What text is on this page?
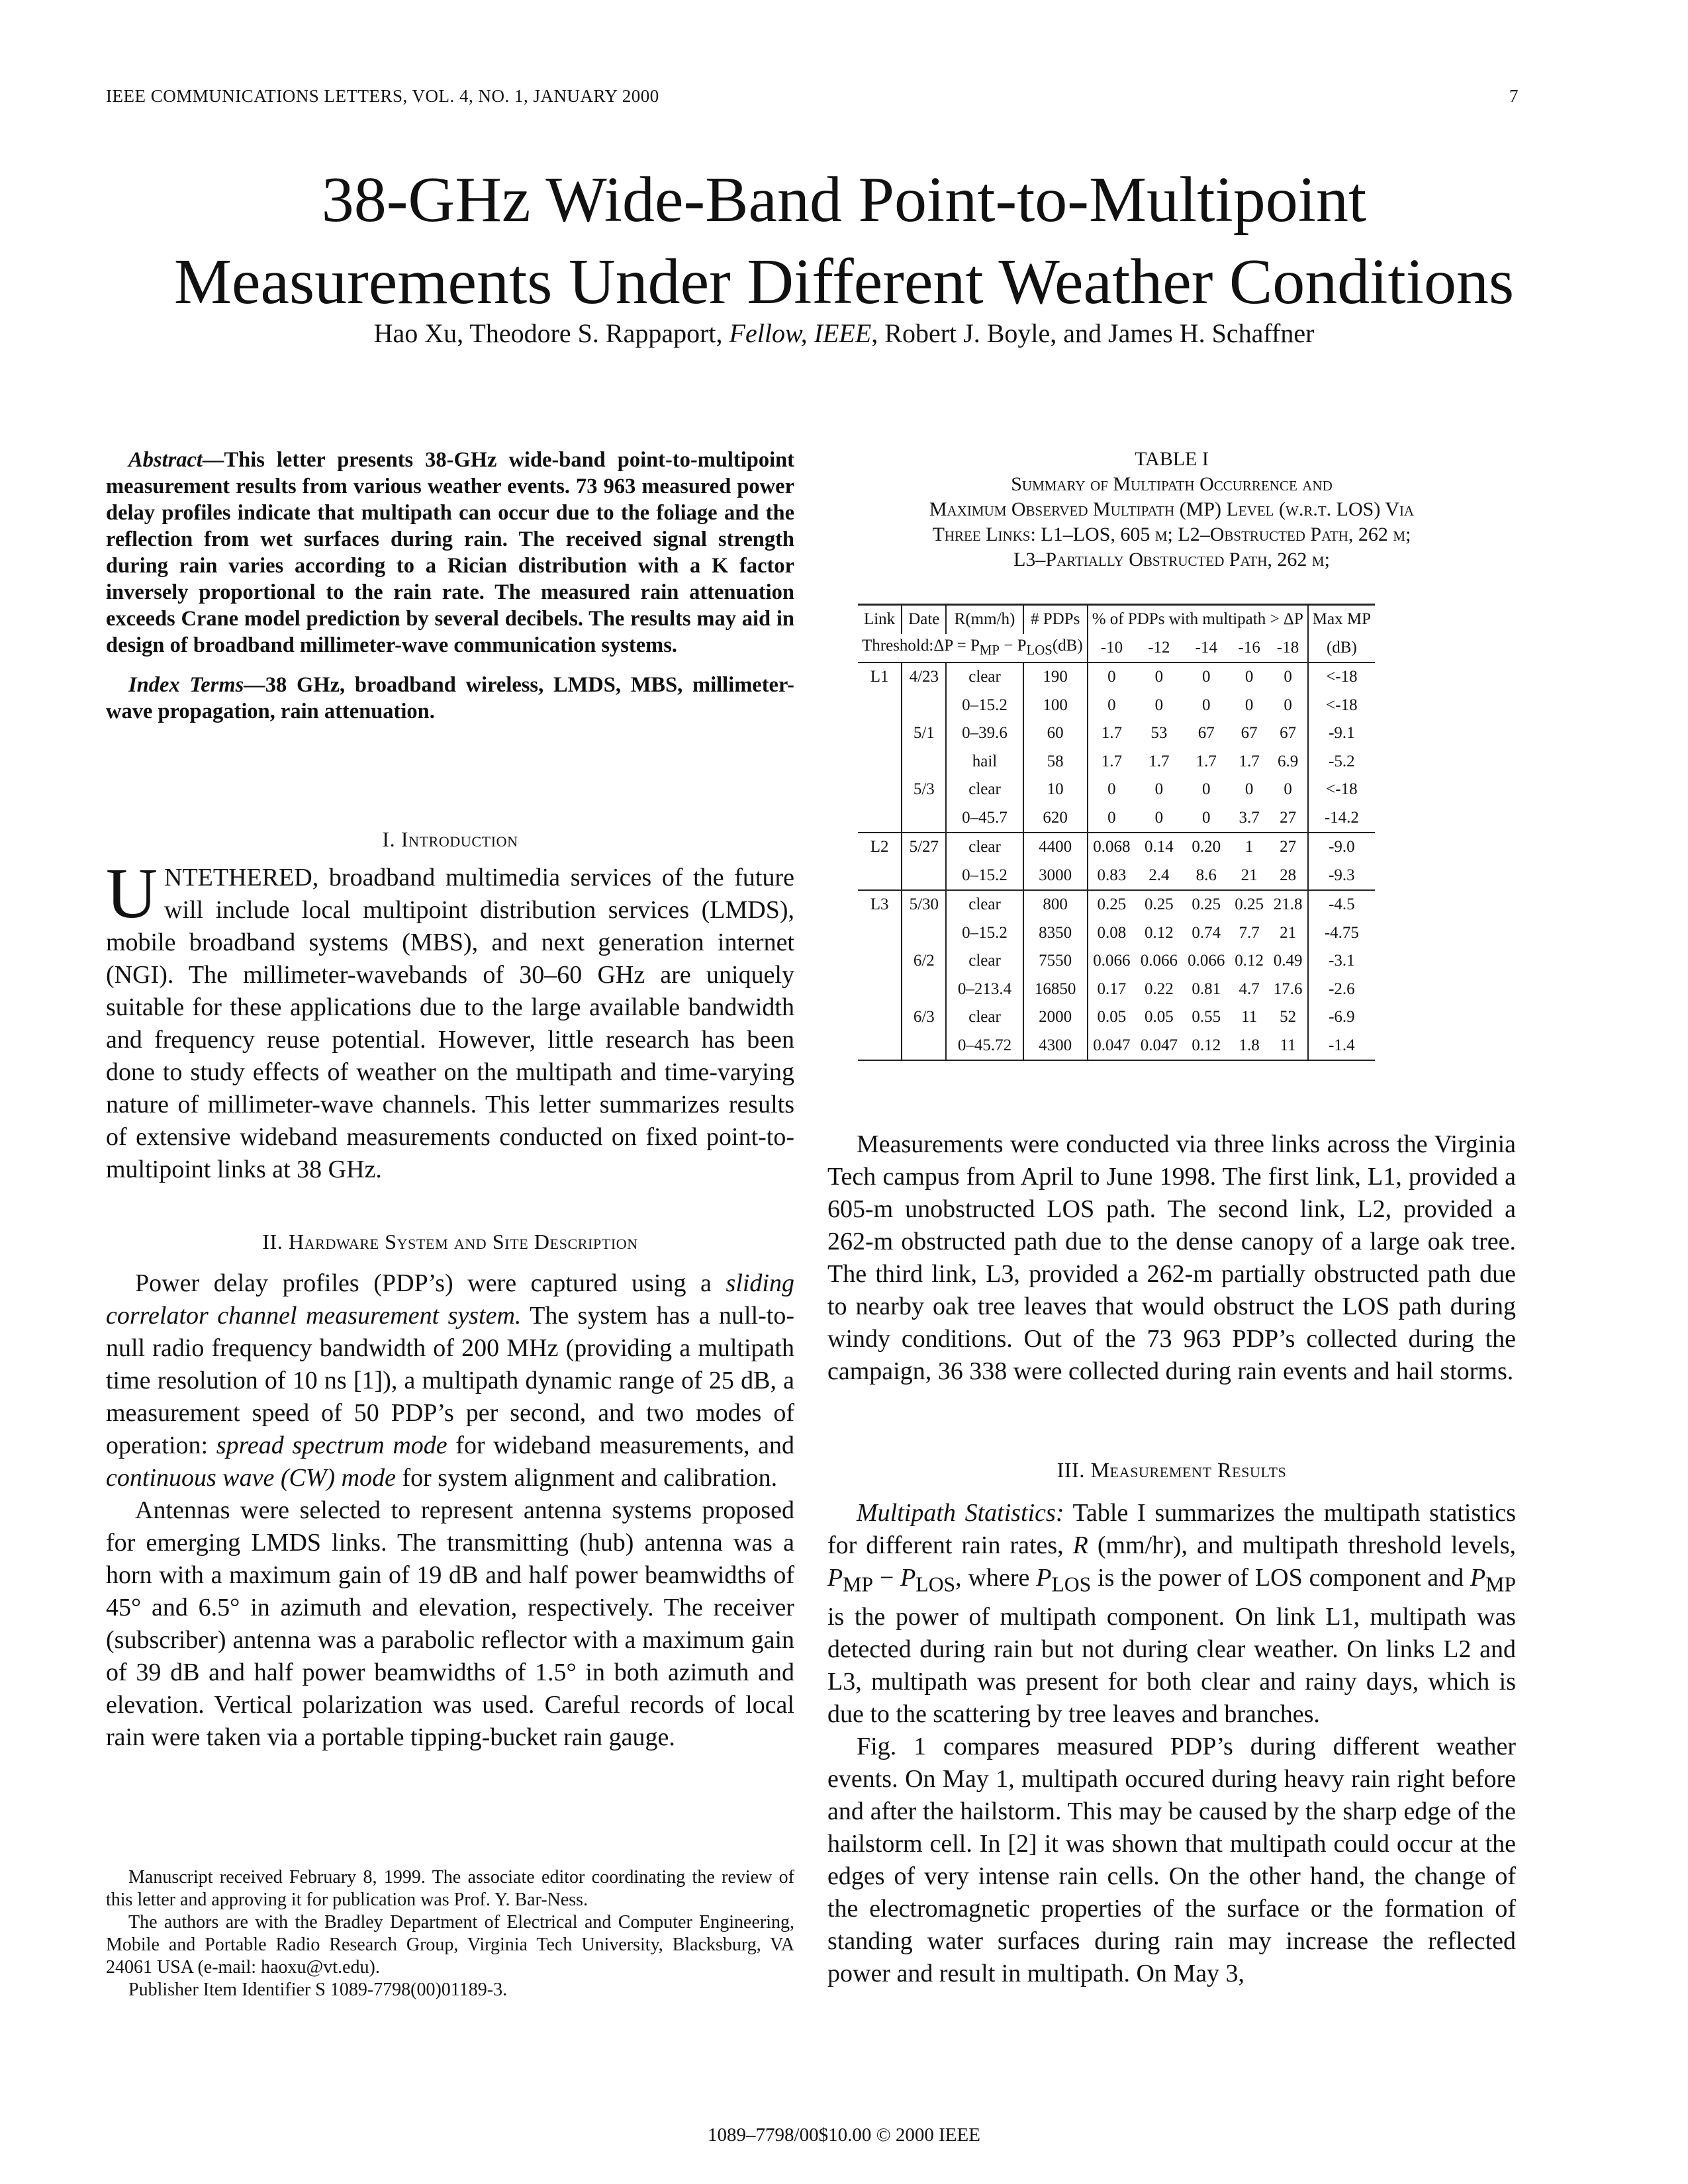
IEEE COMMUNICATIONS LETTERS, VOL. 4, NO. 1, JANUARY 2000	7
38-GHz Wide-Band Point-to-Multipoint
Measurements Under Different Weather Conditions
Hao Xu, Theodore S. Rappaport, Fellow, IEEE, Robert J. Boyle, and James H. Schaffner

Abstract—This letter presents 38-GHz wide-band point-to-multipoint measurement results from various weather events. 73 963 measured power delay profiles indicate that multipath can occur due to the foliage and the reflection from wet surfaces during rain. The received signal strength during rain varies according to a Rician distribution with a K factor inversely proportional to the rain rate. The measured rain attenuation exceeds Crane model prediction by several decibels. The results may aid in design of broadband millimeter-wave communication systems.

Index Terms—38 GHz, broadband wireless, LMDS, MBS, millimeter-wave propagation, rain attenuation.

I. Introduction

UNTETHERED, broadband multimedia services of the future will include local multipoint distribution services (LMDS), mobile broadband systems (MBS), and next generation internet (NGI). The millimeter-wavebands of 30–60 GHz are uniquely suitable for these applications due to the large available bandwidth and frequency reuse potential. However, little research has been done to study effects of weather on the multipath and time-varying nature of millimeter-wave channels. This letter summarizes results of extensive wideband measurements conducted on fixed point-to-multipoint links at 38 GHz.

II. Hardware System and Site Description

Power delay profiles (PDP’s) were captured using a sliding correlator channel measurement system. The system has a null-to-null radio frequency bandwidth of 200 MHz (providing a multipath time resolution of 10 ns [1]), a multipath dynamic range of 25 dB, a measurement speed of 50 PDP’s per second, and two modes of operation: spread spectrum mode for wideband measurements, and continuous wave (CW) mode for system alignment and calibration.

Antennas were selected to represent antenna systems proposed for emerging LMDS links. The transmitting (hub) antenna was a horn with a maximum gain of 19 dB and half power beamwidths of 45° and 6.5° in azimuth and elevation, respectively. The receiver (subscriber) antenna was a parabolic reflector with a maximum gain of 39 dB and half power beamwidths of 1.5° in both azimuth and elevation. Vertical polarization was used. Careful records of local rain were taken via a portable tipping-bucket rain gauge.

Manuscript received February 8, 1999. The associate editor coordinating the review of this letter and approving it for publication was Prof. Y. Bar-Ness.

The authors are with the Bradley Department of Electrical and Computer Engineering, Mobile and Portable Radio Research Group, Virginia Tech University, Blacksburg, VA 24061 USA (e-mail: haoxu@vt.edu).

Publisher Item Identifier S 1089-7798(00)01189-3.

TABLE I
Summary of Multipath Occurrence and
Maximum Observed Multipath (MP) Level (w.r.t. LOS) Via
Three Links: L1–LOS, 605 m; L2–Obstructed Path, 262 m;
L3–Partially Obstructed Path, 262 m;
Link	Date	R(mm/h)	# PDPs	% of PDPs with multipath > ΔP					Max MP
Threshold:ΔP = $P_{MP} - P_{LOS}(dB)$				-10	-12	-14	-16	-18	(dB)
L1	4/23	clear	190	0	0	0	0	0	<-18
		0–15.2	100	0	0	0	0	0	<-18
	5/1	0–39.6	60	1.7	53	67	67	67	-9.1
		hail	58	1.7	1.7	1.7	1.7	6.9	-5.2
	5/3	clear	10	0	0	0	0	0	<-18
		0–45.7	620	0	0	0	3.7	27	-14.2
L2	5/27	clear	4400	0.068	0.14	0.20	1	27	-9.0
		0–15.2	3000	0.83	2.4	8.6	21	28	-9.3
L3	5/30	clear	800	0.25	0.25	0.25	0.25	21.8	-4.5
		0–15.2	8350	0.08	0.12	0.74	7.7	21	-4.75
	6/2	clear	7550	0.066	0.066	0.066	0.12	0.49	-3.1
		0–213.4	16850	0.17	0.22	0.81	4.7	17.6	-2.6
	6/3	clear	2000	0.05	0.05	0.55	11	52	-6.9
		0–45.72	4300	0.047	0.047	0.12	1.8	11	-1.4

Measurements were conducted via three links across the Virginia Tech campus from April to June 1998. The first link, L1, provided a 605-m unobstructed LOS path. The second link, L2, provided a 262-m obstructed path due to the dense canopy of a large oak tree. The third link, L3, provided a 262-m partially obstructed path due to nearby oak tree leaves that would obstruct the LOS path during windy conditions. Out of the 73 963 PDP’s collected during the campaign, 36 338 were collected during rain events and hail storms.

III. Measurement Results

Multipath Statistics: Table I summarizes the multipath statistics for different rain rates, R (mm/hr), and multipath threshold levels, $P_{MP} - P_{LOS}$, where $P_{LOS}$ is the power of LOS component and $P_{MP}$ is the power of multipath component. On link L1, multipath was detected during rain but not during clear weather. On links L2 and L3, multipath was present for both clear and rainy days, which is due to the scattering by tree leaves and branches.

Fig. 1 compares measured PDP’s during different weather events. On May 1, multipath occured during heavy rain right before and after the hailstorm. This may be caused by the sharp edge of the hailstorm cell. In [2] it was shown that multipath could occur at the edges of very intense rain cells. On the other hand, the change of the electromagnetic properties of the surface or the formation of standing water surfaces during rain may increase the reflected power and result in multipath. On May 3,

1089–7798/00$10.00 © 2000 IEEE
